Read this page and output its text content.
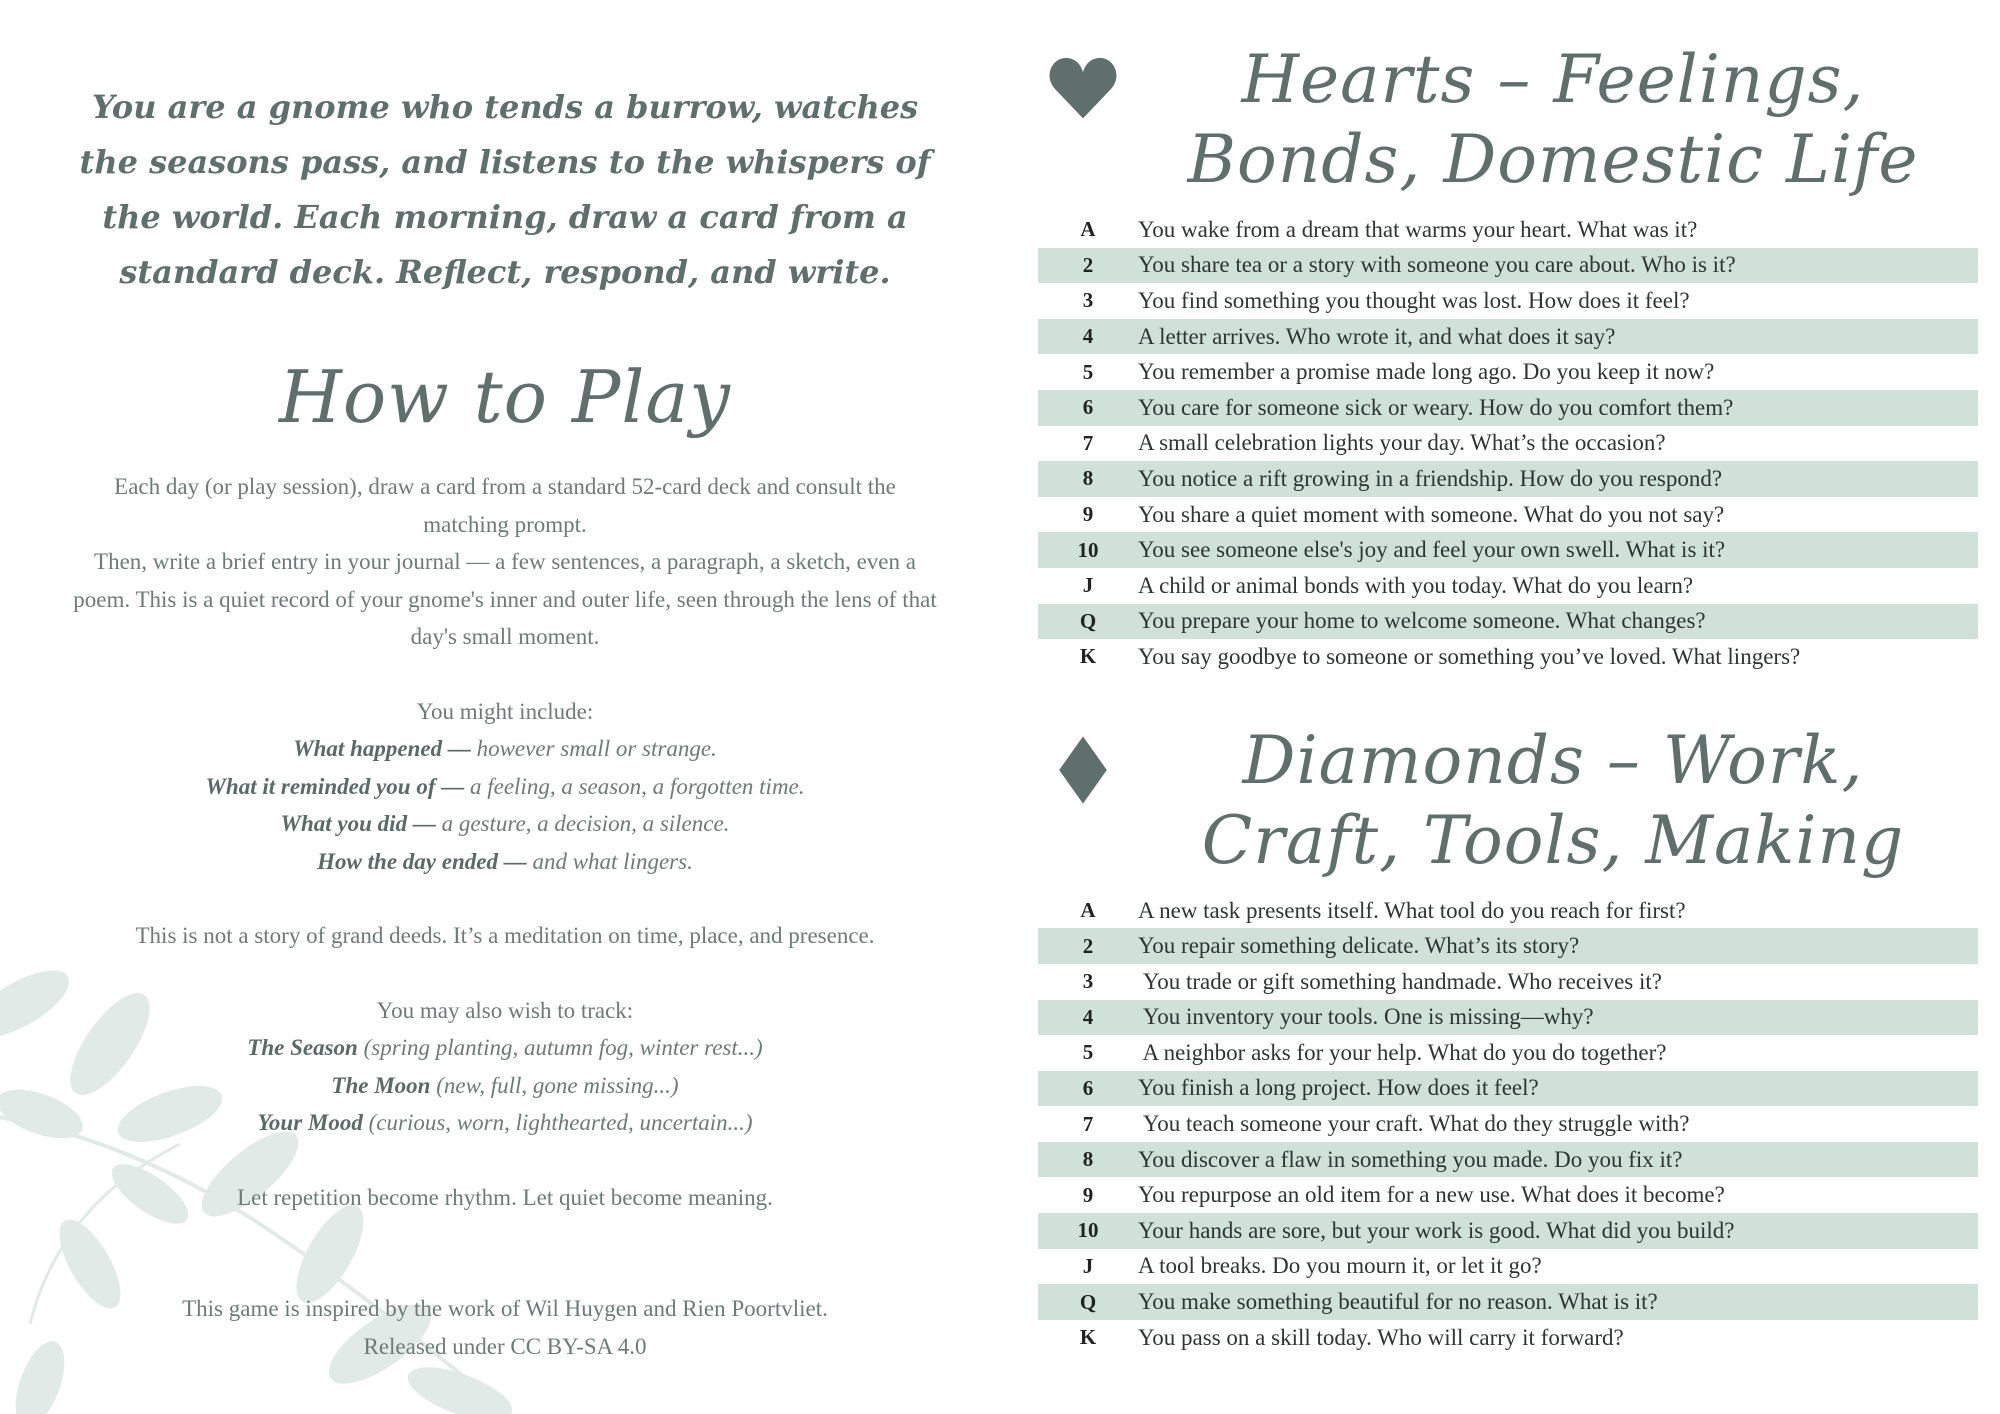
You are a gnome who tends a burrow, watches the seasons pass, and listens to the whispers of the world. Each morning, draw a card from a standard deck. Reflect, respond, and write.

How to Play

Each day (or play session), draw a card from a standard 52-card deck and consult the matching prompt.

Then, write a brief entry in your journal — a few sentences, a paragraph, a sketch, even a poem. This is a quiet record of your gnome's inner and outer life, seen through the lens of that day's small moment.

You might include:

What happened — however small or strange.
What it reminded you of — a feeling, a season, a forgotten time.
What you did — a gesture, a decision, a silence.
How the day ended — and what lingers.

This is not a story of grand deeds. It’s a meditation on time, place, and presence.

You may also wish to track:

The Season (spring planting, autumn fog, winter rest...)
The Moon (new, full, gone missing...)
Your Mood (curious, worn, lighthearted, uncertain...)

Let repetition become rhythm. Let quiet become meaning.

This game is inspired by the work of Wil Huygen and Rien Poortvliet.

Released under CC BY-SA 4.0

Hearts – Feelings, Bonds, Domestic Life
A	You wake from a dream that warms your heart. What was it?
2	You share tea or a story with someone you care about. Who is it?
3	You find something you thought was lost. How does it feel?
4	A letter arrives. Who wrote it, and what does it say?
5	You remember a promise made long ago. Do you keep it now?
6	You care for someone sick or weary. How do you comfort them?
7	A small celebration lights your day. What’s the occasion?
8	You notice a rift growing in a friendship. How do you respond?
9	You share a quiet moment with someone. What do you not say?
10	You see someone else's joy and feel your own swell. What is it?
J	A child or animal bonds with you today. What do you learn?
Q	You prepare your home to welcome someone. What changes?
K	You say goodbye to someone or something you’ve loved. What lingers?
Diamonds – Work, Craft, Tools, Making
A	A new task presents itself. What tool do you reach for first?
2	You repair something delicate. What’s its story?
3	You trade or gift something handmade. Who receives it?
4	You inventory your tools. One is missing—why?
5	A neighbor asks for your help. What do you do together?
6	You finish a long project. How does it feel?
7	You teach someone your craft. What do they struggle with?
8	You discover a flaw in something you made. Do you fix it?
9	You repurpose an old item for a new use. What does it become?
10	Your hands are sore, but your work is good. What did you build?
J	A tool breaks. Do you mourn it, or let it go?
Q	You make something beautiful for no reason. What is it?
K	You pass on a skill today. Who will carry it forward?
